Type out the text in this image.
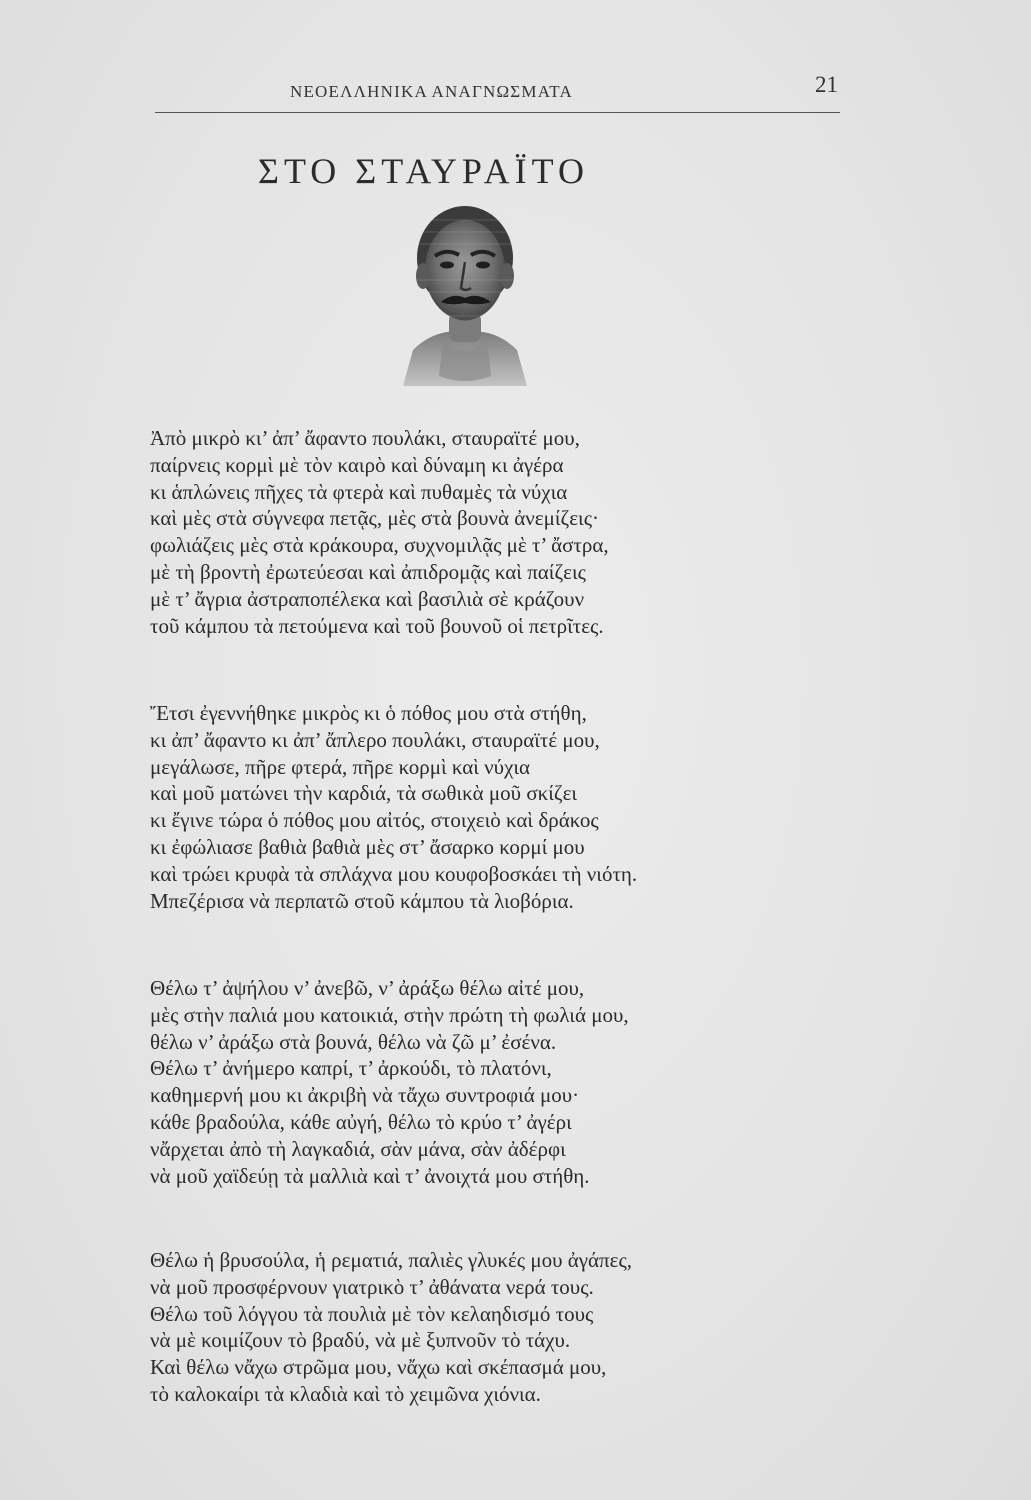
ΝΕΟΕΛΛΗΝΙΚΑ ΑΝΑΓΝΩΣΜΑΤΑ	21
ΣΤΟ ΣΤΑΥΡΑΪΤΟ
Ἀπὸ μικρὸ κι’ ἀπ’ ἄφαντο πουλάκι, σταυραϊτέ μου,
παίρνεις κορμὶ μὲ τὸν καιρὸ καὶ δύναμη κι ἀγέρα
κι ἁπλώνεις πῆχες τὰ φτερὰ καὶ πυθαμὲς τὰ νύχια
καὶ μὲς στὰ σύγνεφα πετᾷς, μὲς στὰ βουνὰ ἀνεμίζεις·
φωλιάζεις μὲς στὰ κράκουρα, συχνομιλᾷς μὲ τ’ ἄστρα,
μὲ τὴ βροντὴ ἐρωτεύεσαι καὶ ἀπιδρομᾷς καὶ παίζεις
μὲ τ’ ἄγρια ἀστραποπέλεκα καὶ βασιλιὰ σὲ κράζουν
τοῦ κάμπου τὰ πετούμενα καὶ τοῦ βουνοῦ οἱ πετρῖτες.
Ἔτσι ἐγεννήθηκε μικρὸς κι ὁ πόθος μου στὰ στήθη,
κι ἀπ’ ἄφαντο κι ἀπ’ ἄπλερο πουλάκι, σταυραϊτέ μου,
μεγάλωσε, πῆρε φτερά, πῆρε κορμὶ καὶ νύχια
καὶ μοῦ ματώνει τὴν καρδιά, τὰ σωθικὰ μοῦ σκίζει
κι ἔγινε τώρα ὁ πόθος μου αἰτός, στοιχειὸ καὶ δράκος
κι ἐφώλιασε βαθιὰ βαθιὰ μὲς στ’ ἄσαρκο κορμί μου
καὶ τρώει κρυφὰ τὰ σπλάχνα μου κουφοβοσκάει τὴ νιότη.
Μπεζέρισα νὰ περπατῶ στοῦ κάμπου τὰ λιοβόρια.
Θέλω τ’ ἀψήλου ν’ ἀνεβῶ, ν’ ἀράξω θέλω αἰτέ μου,
μὲς στὴν παλιά μου κατοικιά, στὴν πρώτη τὴ φωλιά μου,
θέλω ν’ ἀράξω στὰ βουνά, θέλω νὰ ζῶ μ’ ἐσένα.
Θέλω τ’ ἀνήμερο καπρί, τ’ ἀρκούδι, τὸ πλατόνι,
καθημερνή μου κι ἀκριβὴ νὰ τἄχω συντροφιά μου·
κάθε βραδούλα, κάθε αὐγή, θέλω τὸ κρύο τ’ ἀγέρι
νἄρχεται ἀπὸ τὴ λαγκαδιά, σὰν μάνα, σὰν ἀδέρφι
νὰ μοῦ χαϊδεύῃ τὰ μαλλιὰ καὶ τ’ ἀνοιχτά μου στήθη.
Θέλω ἡ βρυσούλα, ἡ ρεματιά, παλιὲς γλυκές μου ἀγάπες,
νὰ μοῦ προσφέρνουν γιατρικὸ τ’ ἀθάνατα νερά τους.
Θέλω τοῦ λόγγου τὰ πουλιὰ μὲ τὸν κελαηδισμό τους
νὰ μὲ κοιμίζουν τὸ βραδύ, νὰ μὲ ξυπνοῦν τὸ τάχυ.
Καὶ θέλω νἄχω στρῶμα μου, νἄχω καὶ σκέπασμά μου,
τὸ καλοκαίρι τὰ κλαδιὰ καὶ τὸ χειμῶνα χιόνια.
